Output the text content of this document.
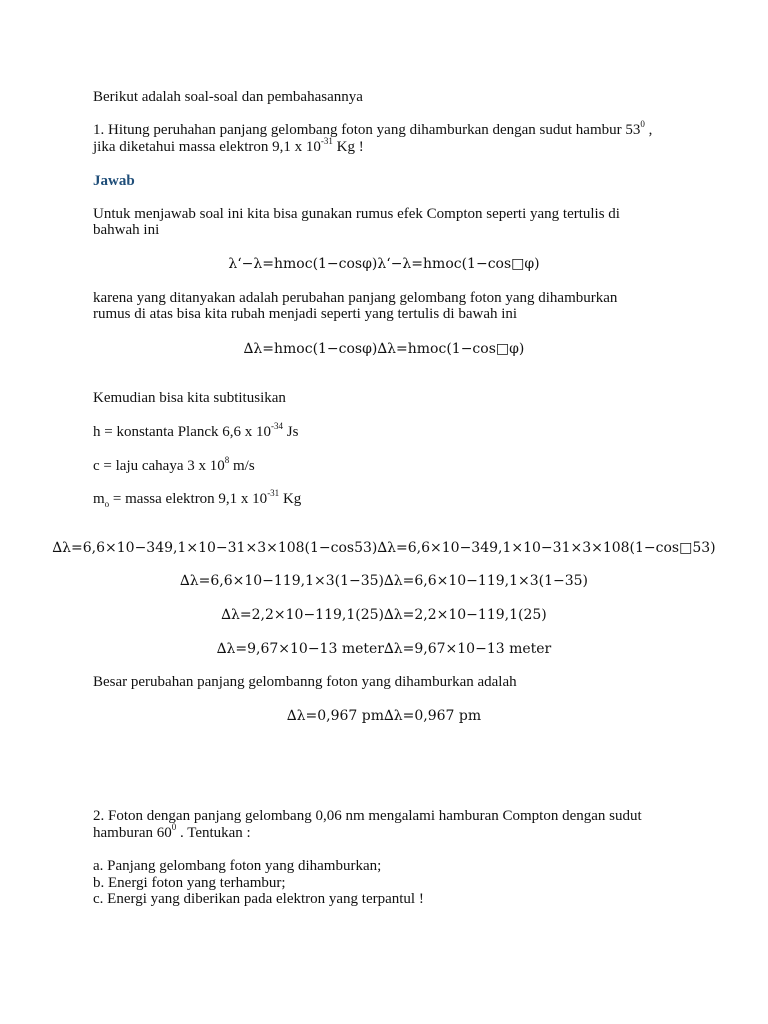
Berikut adalah soal-soal dan pembahasannya
1. Hitung peruhahan panjang gelombang foton yang dihamburkan dengan sudut hambur $53^0$ ,
jika diketahui massa elektron 9,1 x $10^{-31}$ Kg !
Jawab
Untuk menjawab soal ini kita bisa gunakan rumus efek Compton seperti yang tertulis di
bahwah ini
λ‘−λ=hmoc(1−cosφ)λ‘−λ=hmoc(1−cos□φ)
karena yang ditanyakan adalah perubahan panjang gelombang foton yang dihamburkan
rumus di atas bisa kita rubah menjadi seperti yang tertulis di bawah ini
∆λ=hmoc(1−cosφ)∆λ=hmoc(1−cos□φ)
Kemudian bisa kita subtitusikan
h = konstanta Planck 6,6 x $10^{-34}$ Js
c = laju cahaya 3 x $10^8$ m/s
$m_o$ = massa elektron 9,1 x $10^{-31}$ Kg
∆λ=6,6×10−349,1×10−31×3×108(1−cos53)∆λ=6,6×10−349,1×10−31×3×108(1−cos□53)
∆λ=6,6×10−119,1×3(1−35)∆λ=6,6×10−119,1×3(1−35)
∆λ=2,2×10−119,1(25)∆λ=2,2×10−119,1(25)
∆λ=9,67×10−13 meter∆λ=9,67×10−13 meter
Besar perubahan panjang gelombanng foton yang dihamburkan adalah
∆λ=0,967 pm∆λ=0,967 pm
2. Foton dengan panjang gelombang 0,06 nm mengalami hamburan Compton dengan sudut
hamburan $60^0$ . Tentukan :
a. Panjang gelombang foton yang dihamburkan;
b. Energi foton yang terhambur;
c. Energi yang diberikan pada elektron yang terpantul !
